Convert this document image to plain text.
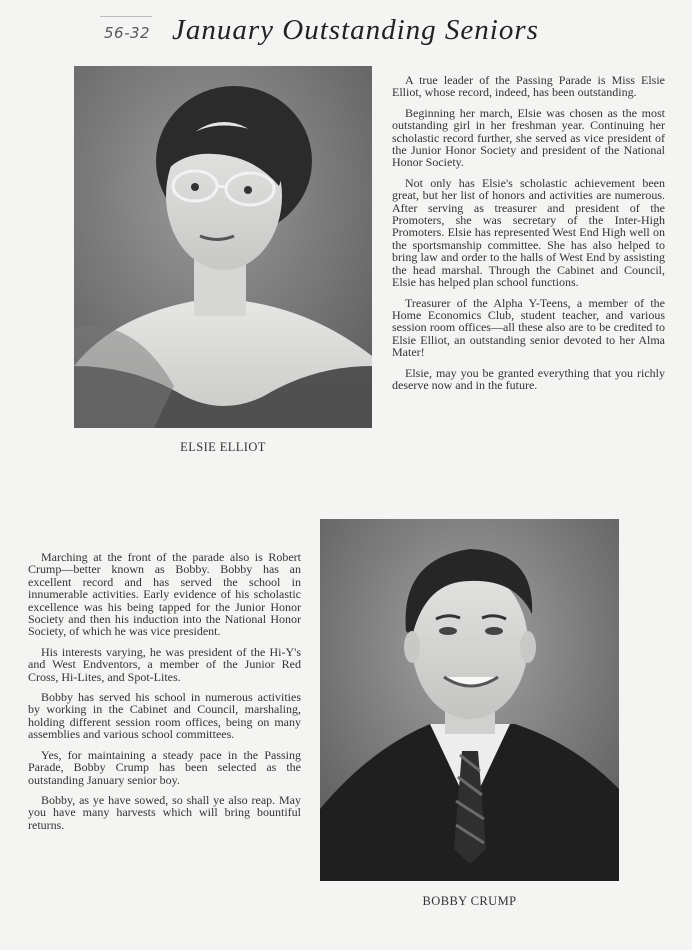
56-32 January Outstanding Seniors
ELSIE ELLIOT

A true leader of the Passing Parade is Miss Elsie Elliot, whose record, indeed, has been outstanding.

Beginning her march, Elsie was chosen as the most outstanding girl in her freshman year. Continuing her scholastic record further, she served as vice president of the Junior Honor Society and president of the National Honor Society.

Not only has Elsie's scholastic achievement been great, but her list of honors and activities are numerous. After serving as treasurer and president of the Promoters, she was secretary of the Inter-High Promoters. Elsie has represented West End High well on the sportsmanship committee. She has also helped to bring law and order to the halls of West End by assisting the head marshal. Through the Cabinet and Council, Elsie has helped plan school functions.

Treasurer of the Alpha Y-Teens, a member of the Home Economics Club, student teacher, and various session room offices—all these also are to be credited to Elsie Elliot, an outstanding senior devoted to her Alma Mater!

Elsie, may you be granted everything that you richly deserve now and in the future.

Marching at the front of the parade also is Robert Crump—better known as Bobby. Bobby has an excellent record and has served the school in innumerable activities. Early evidence of his scholastic excellence was his being tapped for the Junior Honor Society and then his induction into the National Honor Society, of which he was vice president.

His interests varying, he was president of the Hi-Y's and West Endventors, a member of the Junior Red Cross, Hi-Lites, and Spot-Lites.

Bobby has served his school in numerous activities by working in the Cabinet and Council, marshaling, holding different session room offices, being on many assemblies and various school committees.

Yes, for maintaining a steady pace in the Passing Parade, Bobby Crump has been selected as the outstanding January senior boy.

Bobby, as ye have sowed, so shall ye also reap. May you have many harvests which will bring bountiful returns.

BOBBY CRUMP
